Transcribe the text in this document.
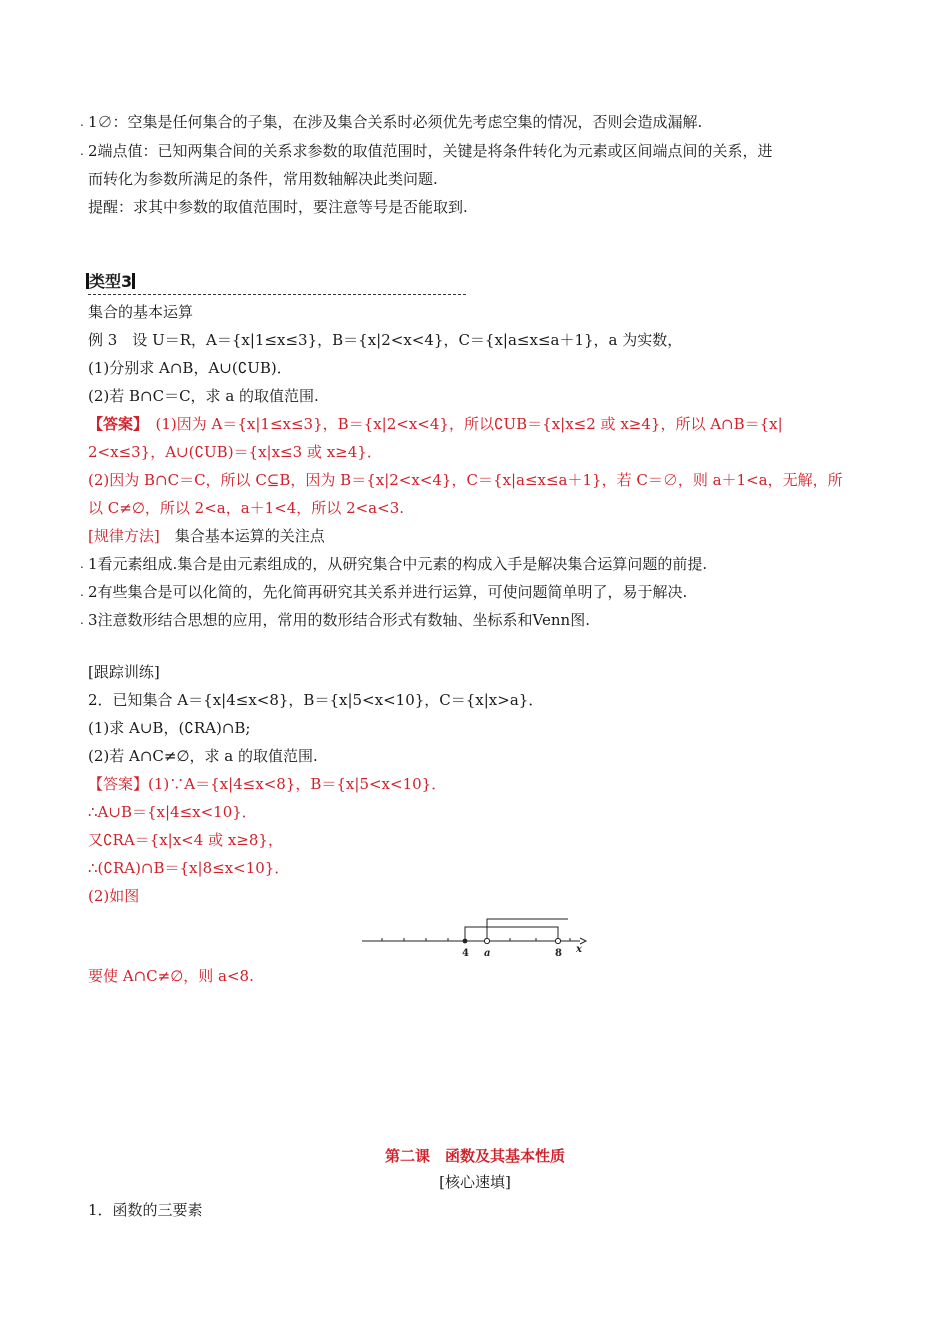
. 1∅：空集是任何集合的子集，在涉及集合关系时必须优先考虑空集的情况，否则会造成漏解.
. 2端点值：已知两集合间的关系求参数的取值范围时，关键是将条件转化为元素或区间端点间的关系，进
而转化为参数所满足的条件，常用数轴解决此类问题.
提醒：求其中参数的取值范围时，要注意等号是否能取到.
类型3
集合的基本运算
例 3　设 U＝R，A＝{x|1≤x≤3}，B＝{x|2<x<4}，C＝{x|a≤x≤a＋1}，a 为实数，
(1)分别求 A∩B，A∪(∁UB)．
(2)若 B∩C＝C，求 a 的取值范围.
【答案】　(1)因为 A＝{x|1≤x≤3}，B＝{x|2<x<4}，所以∁UB＝{x|x≤2 或 x≥4}，所以 A∩B＝{x|
2<x≤3}，A∪(∁UB)＝{x|x≤3 或 x≥4}．
(2)因为 B∩C＝C，所以 C⊆B，因为 B＝{x|2<x<4}，C＝{x|a≤x≤a＋1}，若 C＝∅，则 a＋1<a，无解，所
以 C≠∅，所以 2<a，a＋1<4，所以 2<a<3.
[规律方法]　集合基本运算的关注点
. 1看元素组成.集合是由元素组成的，从研究集合中元素的构成入手是解决集合运算问题的前提.
. 2有些集合是可以化简的，先化简再研究其关系并进行运算，可使问题简单明了，易于解决.
. 3注意数形结合思想的应用，常用的数形结合形式有数轴、坐标系和Venn图.
[跟踪训练]
2．已知集合 A＝{x|4≤x<8}，B＝{x|5<x<10}，C＝{x|x>a}．
(1)求 A∪B，(∁RA)∩B;
(2)若 A∩C≠∅，求 a 的取值范围.
【答案】(1)∵A＝{x|4≤x<8}，B＝{x|5<x<10}．
∴A∪B＝{x|4≤x<10}．
又∁RA＝{x|x<4 或 x≥8}，
∴(∁RA)∩B＝{x|8≤x<10}．
(2)如图
4 a	8 x
要使 A∩C≠∅，则 a<8.
第二课　函数及其基本性质
[核心速填]
1．函数的三要素
